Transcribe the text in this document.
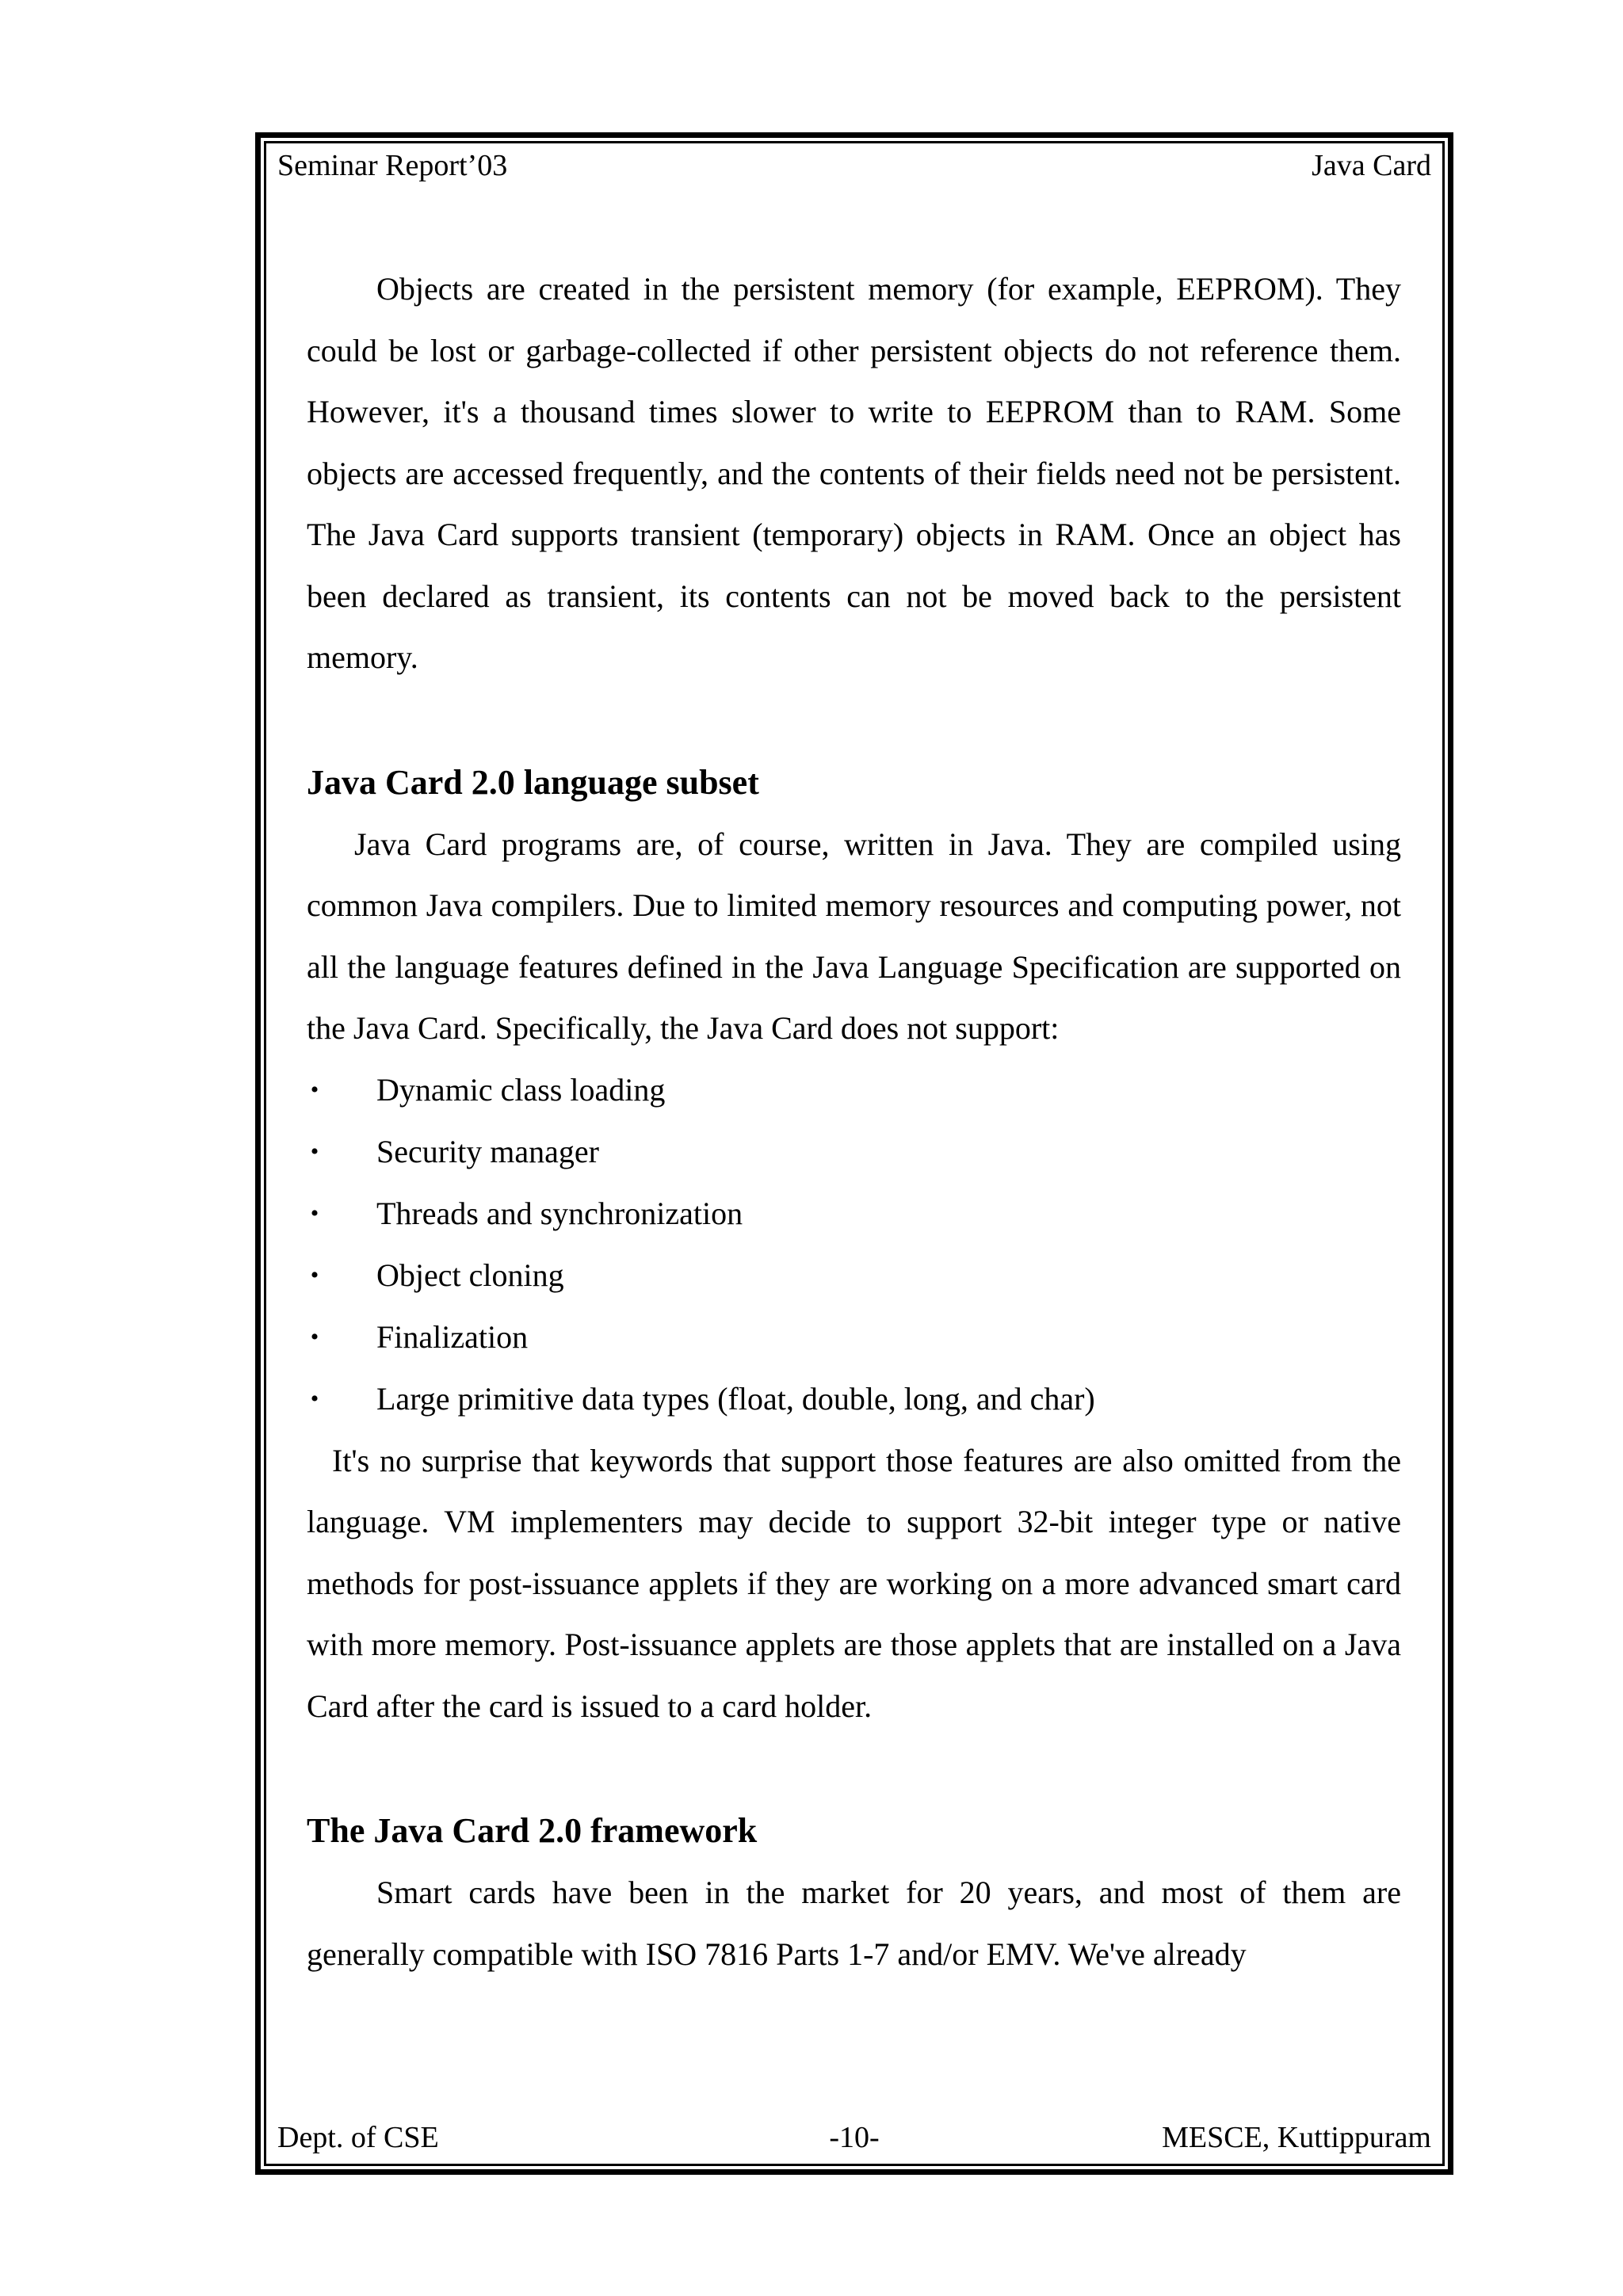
Seminar Report’03	Java Card

Objects are created in the persistent memory (for example, EEPROM). They could be lost or garbage-collected if other persistent objects do not reference them. However, it's a thousand times slower to write to EEPROM than to RAM. Some objects are accessed frequently, and the contents of their fields need not be persistent. The Java Card supports transient (temporary) objects in RAM. Once an object has been declared as transient, its contents can not be moved back to the persistent memory.

Java Card 2.0 language subset

Java Card programs are, of course, written in Java. They are compiled using common Java compilers. Due to limited memory resources and computing power, not all the language features defined in the Java Language Specification are supported on the Java Card. Specifically, the Java Card does not support:

• Dynamic class loading
• Security manager
• Threads and synchronization
• Object cloning
• Finalization
• Large primitive data types (float, double, long, and char)

It's no surprise that keywords that support those features are also omitted from the language. VM implementers may decide to support 32-bit integer type or native methods for post-issuance applets if they are working on a more advanced smart card with more memory. Post-issuance applets are those applets that are installed on a Java Card after the card is issued to a card holder.

The Java Card 2.0 framework

Smart cards have been in the market for 20 years, and most of them are generally compatible with ISO 7816 Parts 1-7 and/or EMV. We've already

Dept. of CSE	-10-	MESCE, Kuttippuram
